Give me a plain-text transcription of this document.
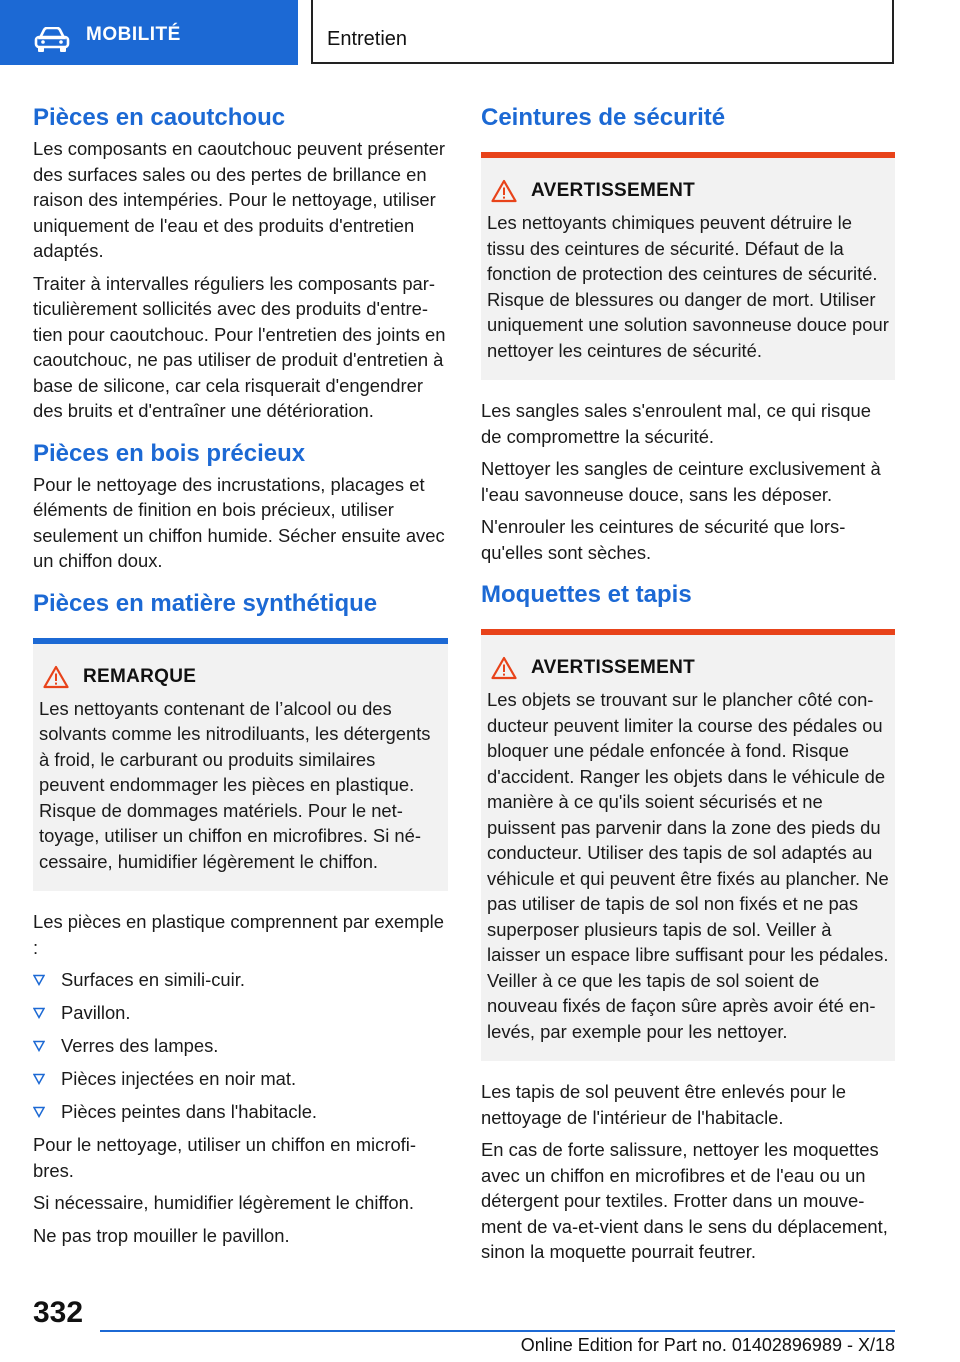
MOBILITÉ	Entretien
Pièces en caoutchouc

Les composants en caoutchouc peuvent présenter des surfaces sales ou des pertes de brillance en raison des intempéries. Pour le nettoyage, utiliser uniquement de l'eau et des produits d'entretien adaptés.

Traiter à intervalles réguliers les composants particulièrement sollicités avec des produits d'entretien pour caoutchouc. Pour l'entretien des joints en caoutchouc, ne pas utiliser de produit d'entretien à base de silicone, car cela risquerait d'engendrer des bruits et d'entraîner une détérioration.

Pièces en bois précieux

Pour le nettoyage des incrustations, placages et éléments de finition en bois précieux, utiliser seulement un chiffon humide. Sécher ensuite avec un chiffon doux.

Pièces en matière synthétique
REMARQUE

Les nettoyants contenant de l’alcool ou des solvants comme les nitrodiluants, les détergents à froid, le carburant ou produits similaires peuvent endommager les pièces en plastique. Risque de dommages matériels. Pour le nettoyage, utiliser un chiffon en microfibres. Si nécessaire, humidifier légèrement le chiffon.

Les pièces en plastique comprennent par exemple :

Surfaces en simili-cuir.
Pavillon.
Verres des lampes.
Pièces injectées en noir mat.
Pièces peintes dans l'habitacle.

Pour le nettoyage, utiliser un chiffon en microfibres.

Si nécessaire, humidifier légèrement le chiffon.

Ne pas trop mouiller le pavillon.

Ceintures de sécurité
AVERTISSEMENT

Les nettoyants chimiques peuvent détruire le tissu des ceintures de sécurité. Défaut de la fonction de protection des ceintures de sécurité. Risque de blessures ou danger de mort. Utiliser uniquement une solution savonneuse douce pour nettoyer les ceintures de sécurité.

Les sangles sales s'enroulent mal, ce qui risque de compromettre la sécurité.

Nettoyer les sangles de ceinture exclusivement à l'eau savonneuse douce, sans les déposer.

N'enrouler les ceintures de sécurité que lorsqu'elles sont sèches.

Moquettes et tapis
AVERTISSEMENT

Les objets se trouvant sur le plancher côté conducteur peuvent limiter la course des pédales ou bloquer une pédale enfoncée à fond. Risque d'accident. Ranger les objets dans le véhicule de manière à ce qu'ils soient sécurisés et ne puissent pas parvenir dans la zone des pieds du conducteur. Utiliser des tapis de sol adaptés au véhicule et qui peuvent être fixés au plancher. Ne pas utiliser de tapis de sol non fixés et ne pas superposer plusieurs tapis de sol. Veiller à laisser un espace libre suffisant pour les pédales. Veiller à ce que les tapis de sol soient de nouveau fixés de façon sûre après avoir été enlevés, par exemple pour les nettoyer.

Les tapis de sol peuvent être enlevés pour le nettoyage de l'intérieur de l'habitacle.

En cas de forte salissure, nettoyer les moquettes avec un chiffon en microfibres et de l'eau ou un détergent pour textiles. Frotter dans un mouvement de va-et-vient dans le sens du déplacement, sinon la moquette pourrait feutrer.

332
Online Edition for Part no. 01402896989 - X/18
